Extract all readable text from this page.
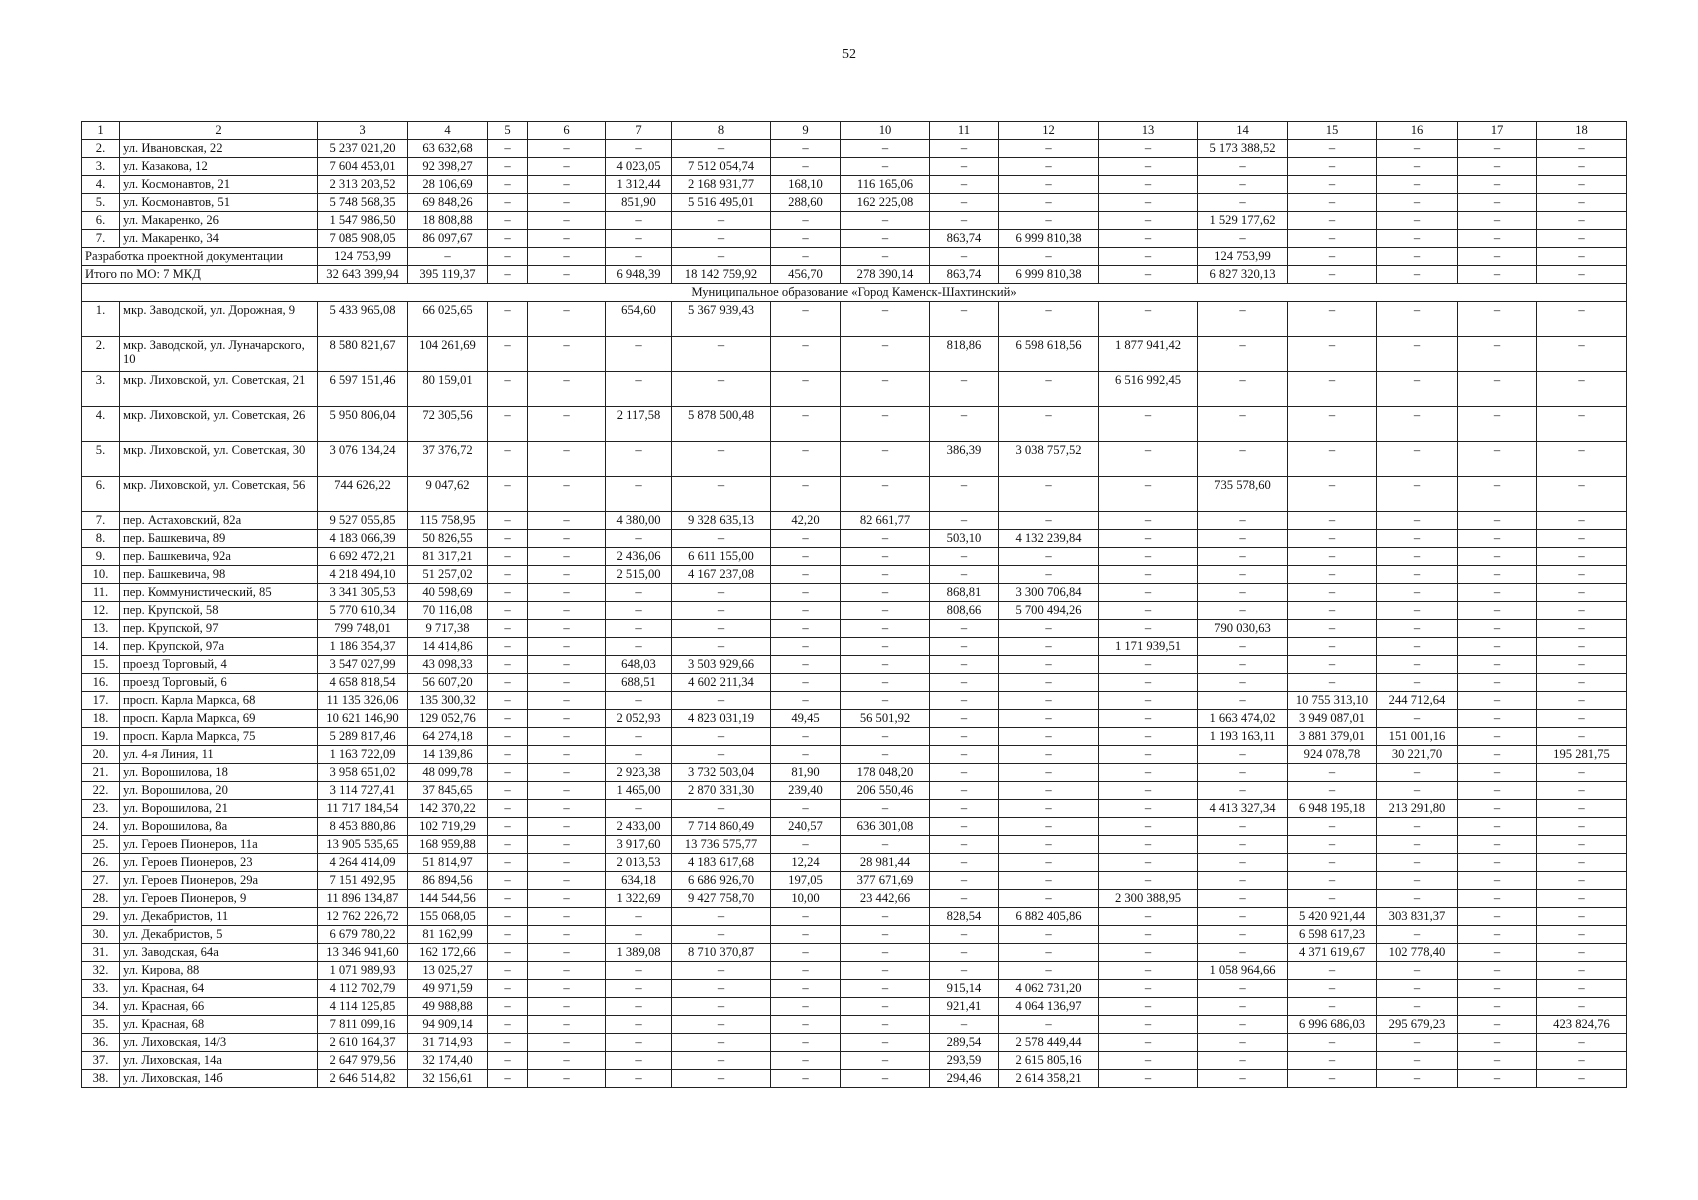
52
1	2	3	4	5	6	7	8	9	10	11	12	13	14	15	16	17	18
2.	ул. Ивановская, 22	5 237 021,20	63 632,68	–	–	–	–	–	–	–	–	–	5 173 388,52	–	–	–	–
3.	ул. Казакова, 12	7 604 453,01	92 398,27	–	–	4 023,05	7 512 054,74	–	–	–	–	–	–	–	–	–	–
4.	ул. Космонавтов, 21	2 313 203,52	28 106,69	–	–	1 312,44	2 168 931,77	168,10	116 165,06	–	–	–	–	–	–	–	–
5.	ул. Космонавтов, 51	5 748 568,35	69 848,26	–	–	851,90	5 516 495,01	288,60	162 225,08	–	–	–	–	–	–	–	–
6.	ул. Макаренко, 26	1 547 986,50	18 808,88	–	–	–	–	–	–	–	–	–	1 529 177,62	–	–	–	–
7.	ул. Макаренко, 34	7 085 908,05	86 097,67	–	–	–	–	–	–	863,74	6 999 810,38	–	–	–	–	–	–
Разработка проектной документации		124 753,99	–	–	–	–	–	–	–	–	–	–	124 753,99	–	–	–	–
Итого по МО: 7 МКД		32 643 399,94	395 119,37	–	–	6 948,39	18 142 759,92	456,70	278 390,14	863,74	6 999 810,38	–	6 827 320,13	–	–	–	–
Муниципальное образование «Город Каменск-Шахтинский»																	
1.	мкр. Заводской, ул. Дорожная, 9	5 433 965,08	66 025,65	–	–	654,60	5 367 939,43	–	–	–	–	–	–	–	–	–	–
2.	мкр. Заводской, ул. Луначарского, 10	8 580 821,67	104 261,69	–	–	–	–	–	–	818,86	6 598 618,56	1 877 941,42	–	–	–	–	–
3.	мкр. Лиховской, ул. Советская, 21	6 597 151,46	80 159,01	–	–	–	–	–	–	–	–	6 516 992,45	–	–	–	–	–
4.	мкр. Лиховской, ул. Советская, 26	5 950 806,04	72 305,56	–	–	2 117,58	5 878 500,48	–	–	–	–	–	–	–	–	–	–
5.	мкр. Лиховской, ул. Советская, 30	3 076 134,24	37 376,72	–	–	–	–	–	–	386,39	3 038 757,52	–	–	–	–	–	–
6.	мкр. Лиховской, ул. Советская, 56	744 626,22	9 047,62	–	–	–	–	–	–	–	–	–	735 578,60	–	–	–	–
7.	пер. Астаховский, 82а	9 527 055,85	115 758,95	–	–	4 380,00	9 328 635,13	42,20	82 661,77	–	–	–	–	–	–	–	–
8.	пер. Башкевича, 89	4 183 066,39	50 826,55	–	–	–	–	–	–	503,10	4 132 239,84	–	–	–	–	–	–
9.	пер. Башкевича, 92а	6 692 472,21	81 317,21	–	–	2 436,06	6 611 155,00	–	–	–	–	–	–	–	–	–	–
10.	пер. Башкевича, 98	4 218 494,10	51 257,02	–	–	2 515,00	4 167 237,08	–	–	–	–	–	–	–	–	–	–
11.	пер. Коммунистический, 85	3 341 305,53	40 598,69	–	–	–	–	–	–	868,81	3 300 706,84	–	–	–	–	–	–
12.	пер. Крупской, 58	5 770 610,34	70 116,08	–	–	–	–	–	–	808,66	5 700 494,26	–	–	–	–	–	–
13.	пер. Крупской, 97	799 748,01	9 717,38	–	–	–	–	–	–	–	–	–	790 030,63	–	–	–	–
14.	пер. Крупской, 97а	1 186 354,37	14 414,86	–	–	–	–	–	–	–	–	1 171 939,51	–	–	–	–	–
15.	проезд Торговый, 4	3 547 027,99	43 098,33	–	–	648,03	3 503 929,66	–	–	–	–	–	–	–	–	–	–
16.	проезд Торговый, 6	4 658 818,54	56 607,20	–	–	688,51	4 602 211,34	–	–	–	–	–	–	–	–	–	–
17.	просп. Карла Маркса, 68	11 135 326,06	135 300,32	–	–	–	–	–	–	–	–	–	–	10 755 313,10	244 712,64	–	–
18.	просп. Карла Маркса, 69	10 621 146,90	129 052,76	–	–	2 052,93	4 823 031,19	49,45	56 501,92	–	–	–	1 663 474,02	3 949 087,01	–	–	–
19.	просп. Карла Маркса, 75	5 289 817,46	64 274,18	–	–	–	–	–	–	–	–	–	1 193 163,11	3 881 379,01	151 001,16	–	–
20.	ул. 4-я Линия, 11	1 163 722,09	14 139,86	–	–	–	–	–	–	–	–	–	–	924 078,78	30 221,70	–	195 281,75
21.	ул. Ворошилова, 18	3 958 651,02	48 099,78	–	–	2 923,38	3 732 503,04	81,90	178 048,20	–	–	–	–	–	–	–	–
22.	ул. Ворошилова, 20	3 114 727,41	37 845,65	–	–	1 465,00	2 870 331,30	239,40	206 550,46	–	–	–	–	–	–	–	–
23.	ул. Ворошилова, 21	11 717 184,54	142 370,22	–	–	–	–	–	–	–	–	–	4 413 327,34	6 948 195,18	213 291,80	–	–
24.	ул. Ворошилова, 8а	8 453 880,86	102 719,29	–	–	2 433,00	7 714 860,49	240,57	636 301,08	–	–	–	–	–	–	–	–
25.	ул. Героев Пионеров, 11а	13 905 535,65	168 959,88	–	–	3 917,60	13 736 575,77	–	–	–	–	–	–	–	–	–	–
26.	ул. Героев Пионеров, 23	4 264 414,09	51 814,97	–	–	2 013,53	4 183 617,68	12,24	28 981,44	–	–	–	–	–	–	–	–
27.	ул. Героев Пионеров, 29а	7 151 492,95	86 894,56	–	–	634,18	6 686 926,70	197,05	377 671,69	–	–	–	–	–	–	–	–
28.	ул. Героев Пионеров, 9	11 896 134,87	144 544,56	–	–	1 322,69	9 427 758,70	10,00	23 442,66	–	–	2 300 388,95	–	–	–	–	–
29.	ул. Декабристов, 11	12 762 226,72	155 068,05	–	–	–	–	–	–	828,54	6 882 405,86	–	–	5 420 921,44	303 831,37	–	–
30.	ул. Декабристов, 5	6 679 780,22	81 162,99	–	–	–	–	–	–	–	–	–	–	6 598 617,23	–	–	–
31.	ул. Заводская, 64а	13 346 941,60	162 172,66	–	–	1 389,08	8 710 370,87	–	–	–	–	–	–	4 371 619,67	102 778,40	–	–
32.	ул. Кирова, 88	1 071 989,93	13 025,27	–	–	–	–	–	–	–	–	–	1 058 964,66	–	–	–	–
33.	ул. Красная, 64	4 112 702,79	49 971,59	–	–	–	–	–	–	915,14	4 062 731,20	–	–	–	–	–	–
34.	ул. Красная, 66	4 114 125,85	49 988,88	–	–	–	–	–	–	921,41	4 064 136,97	–	–	–	–	–	–
35.	ул. Красная, 68	7 811 099,16	94 909,14	–	–	–	–	–	–	–	–	–	–	6 996 686,03	295 679,23	–	423 824,76
36.	ул. Лиховская, 14/3	2 610 164,37	31 714,93	–	–	–	–	–	–	289,54	2 578 449,44	–	–	–	–	–	–
37.	ул. Лиховская, 14а	2 647 979,56	32 174,40	–	–	–	–	–	–	293,59	2 615 805,16	–	–	–	–	–	–
38.	ул. Лиховская, 14б	2 646 514,82	32 156,61	–	–	–	–	–	–	294,46	2 614 358,21	–	–	–	–	–	–
